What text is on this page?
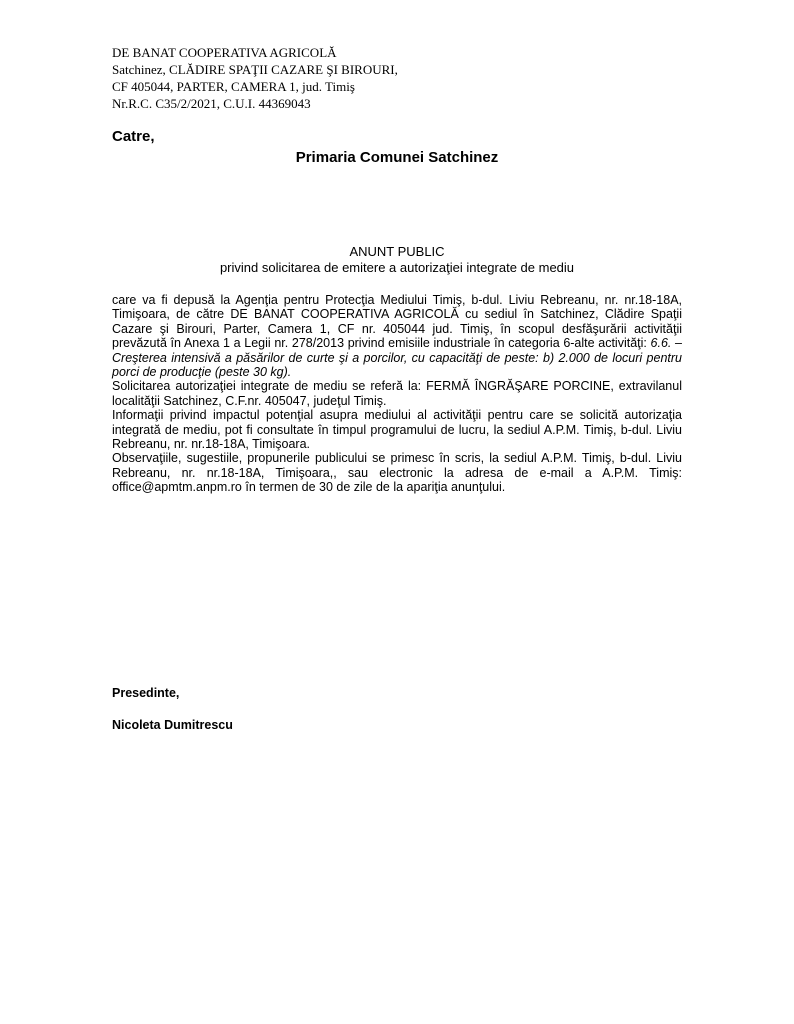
DE BANAT COOPERATIVA AGRICOLĂ
Satchinez, CLĂDIRE SPAŢII CAZARE ŞI BIROURI,
CF 405044, PARTER, CAMERA 1, jud. Timiş
Nr.R.C. C35/2/2021, C.U.I. 44369043

Catre,

Primaria Comunei Satchinez

ANUNT PUBLIC
privind solicitarea de emitere a autorizaţiei integrate de mediu

care va fi depusă la Agenţia pentru Protecţia Mediului Timiş, b-dul. Liviu Rebreanu, nr. nr.18-18A, Timişoara, de către DE BANAT COOPERATIVA AGRICOLĂ cu sediul în Satchinez, Clădire Spaţii Cazare şi Birouri, Parter, Camera 1, CF nr. 405044 jud. Timiş, în scopul desfăşurării activităţii prevăzută în Anexa 1 a Legii nr. 278/2013 privind emisiile industriale în categoria 6-alte activităţi: 6.6. – Creşterea intensivă a păsărilor de curte şi a porcilor, cu capacităţi de peste: b) 2.000 de locuri pentru porci de producţie (peste 30 kg).

Solicitarea autorizaţiei integrate de mediu se referă la: FERMĂ ÎNGRĂŞARE PORCINE, extravilanul localităţii Satchinez, C.F.nr. 405047, judeţul Timiş.

Informaţii privind impactul potenţial asupra mediului al activităţii pentru care se solicită autorizaţia integrată de mediu, pot fi consultate în timpul programului de lucru, la sediul A.P.M. Timiş, b-dul. Liviu Rebreanu, nr. nr.18-18A, Timişoara.

Observaţiile, sugestiile, propunerile publicului se primesc în scris, la sediul A.P.M. Timiş, b-dul. Liviu Rebreanu, nr. nr.18-18A, Timişoara,, sau electronic la adresa de e-mail a A.P.M. Timiş: office@apmtm.anpm.ro în termen de 30 de zile de la apariţia anunţului.

Presedinte,

Nicoleta Dumitrescu
